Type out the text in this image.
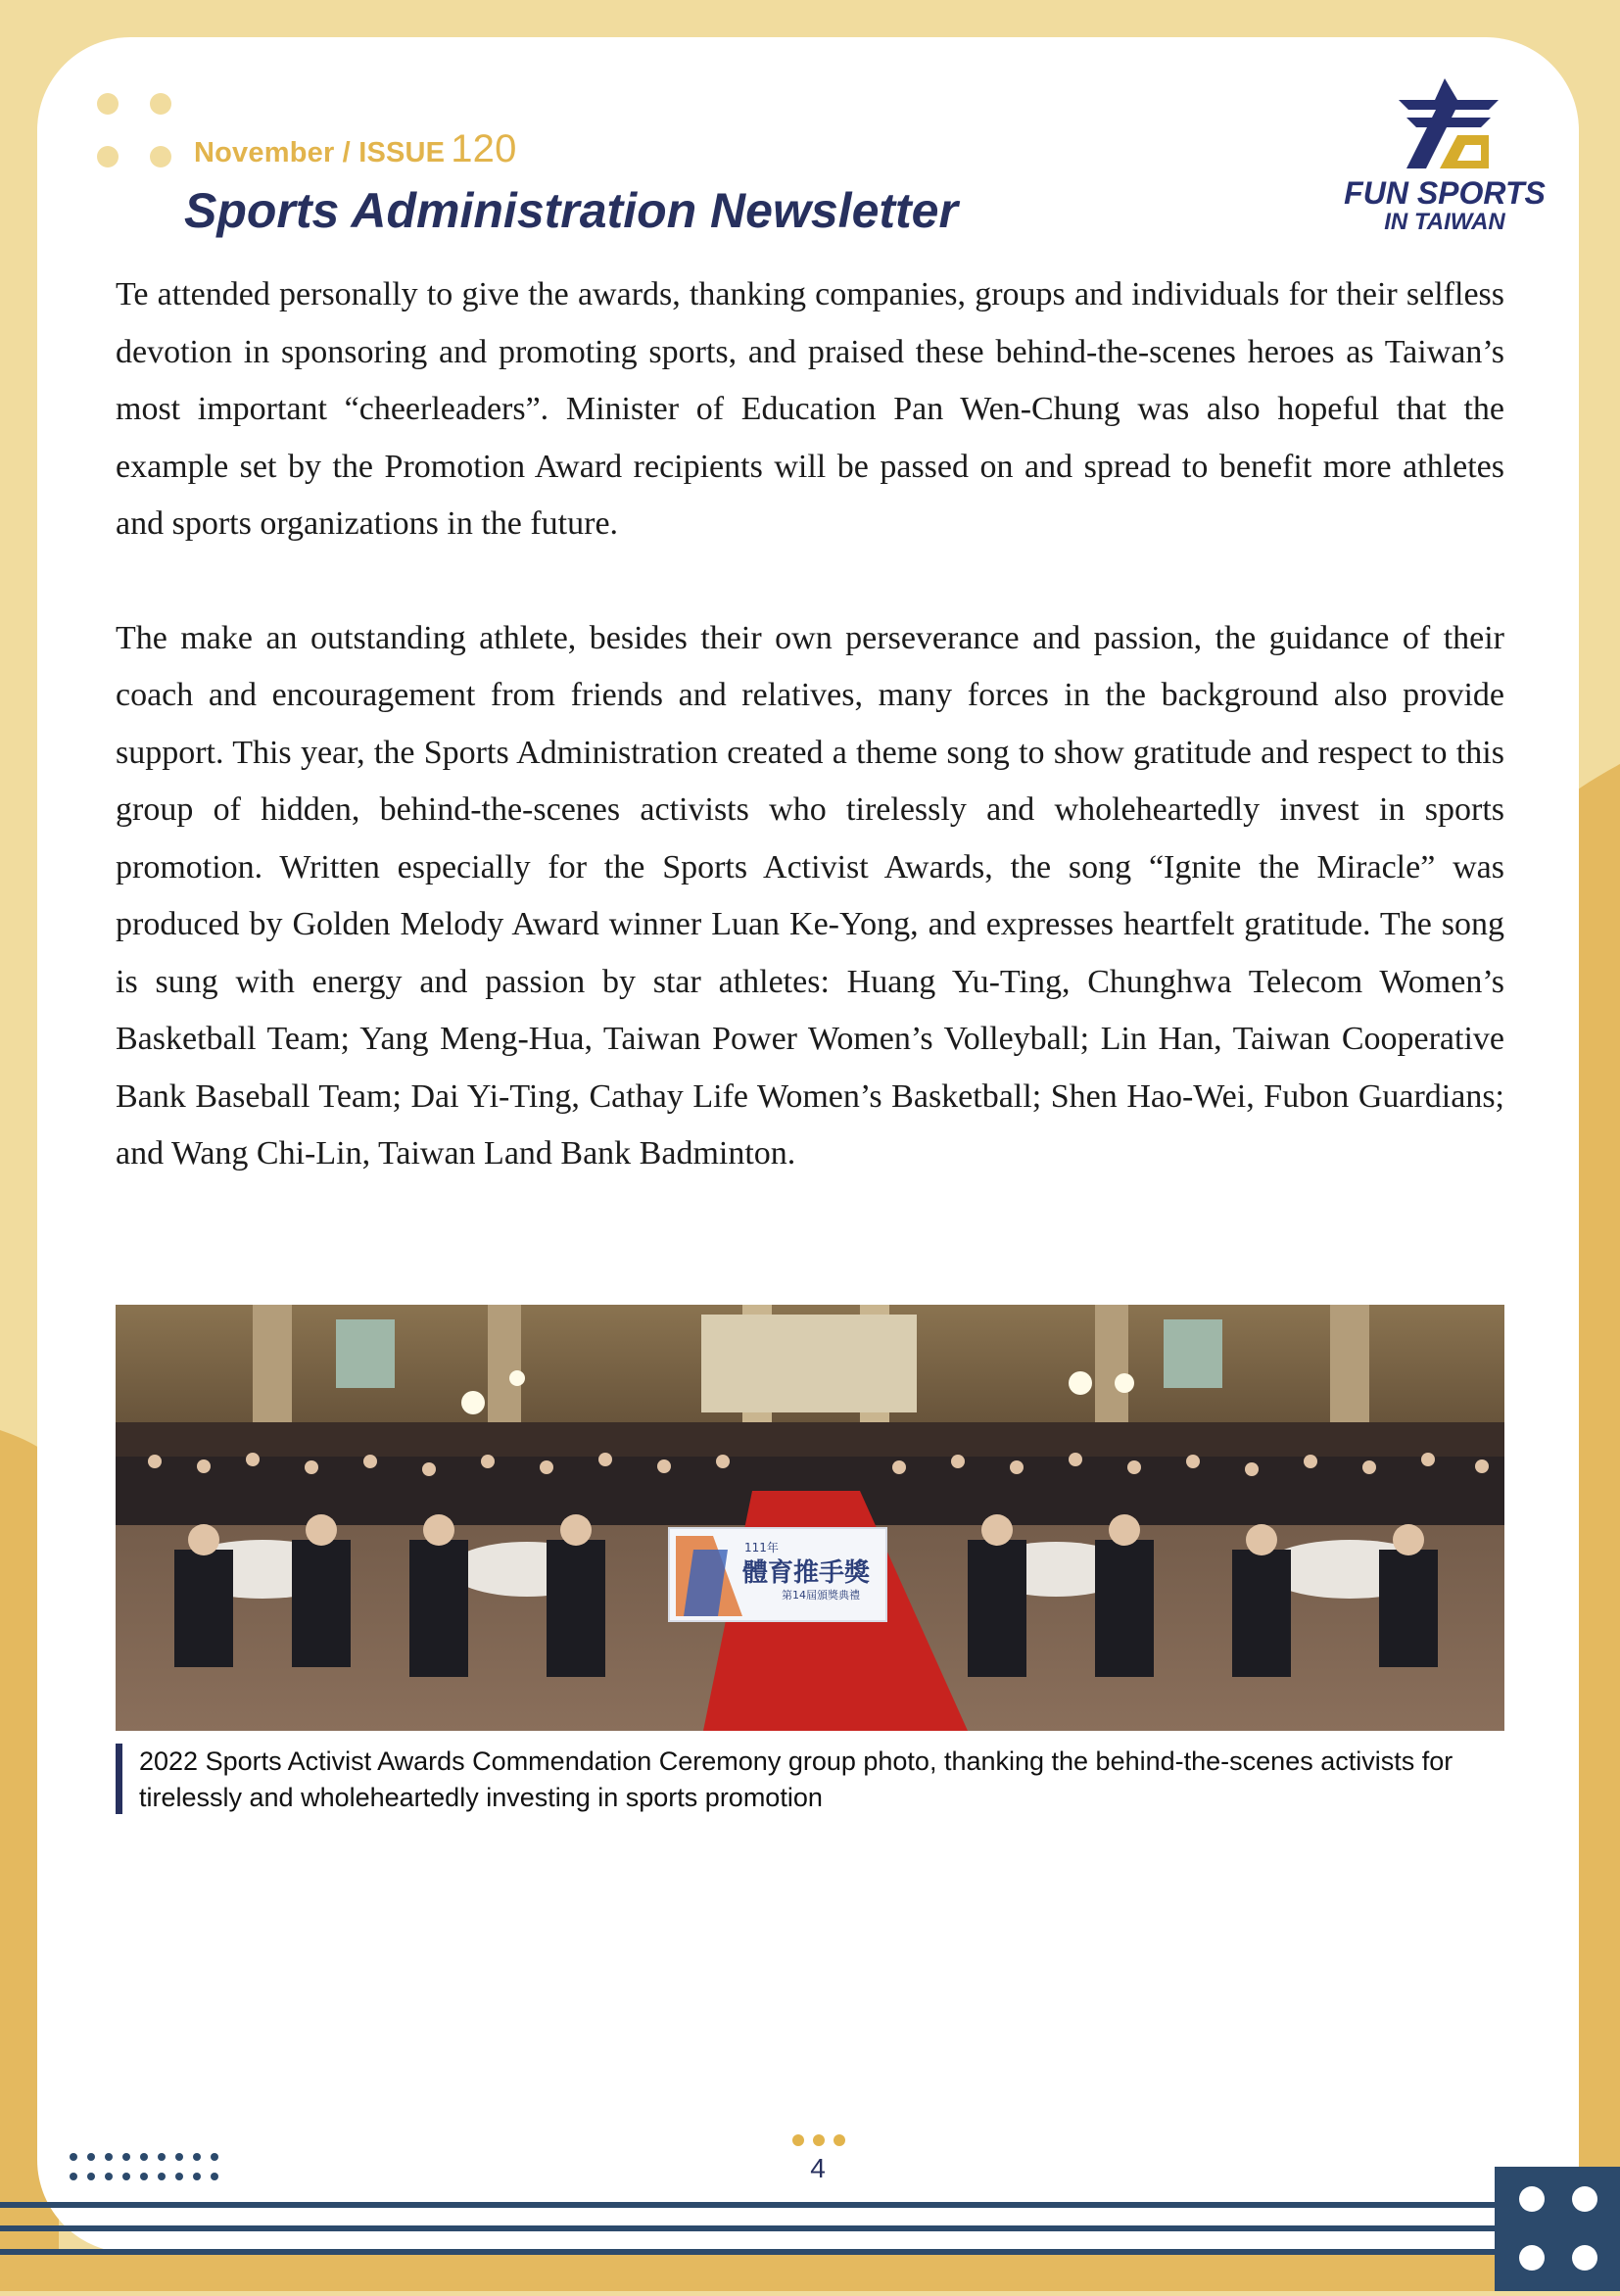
November / ISSUE 120
Sports Administration Newsletter	FUN SPORTS
IN TAIWAN

Te attended personally to give the awards, thanking companies, groups and individuals for their selfless devotion in sponsoring and promoting sports, and praised these behind-the-scenes heroes as Taiwan’s most important “cheerleaders”. Minister of Education Pan Wen-Chung was also hopeful that the example set by the Promotion Award recipients will be passed on and spread to benefit more athletes and sports organizations in the future.

The make an outstanding athlete, besides their own perseverance and passion, the guidance of their coach and encouragement from friends and relatives, many forces in the background also provide support. This year, the Sports Administration created a theme song to show gratitude and respect to this group of hidden, behind-the-scenes activists who tirelessly and wholeheartedly invest in sports promotion. Written especially for the Sports Activist Awards, the song “Ignite the Miracle” was produced by Golden Melody Award winner Luan Ke-Yong, and expresses heartfelt gratitude. The song is sung with energy and passion by star athletes: Huang Yu-Ting, Chunghwa Telecom Women’s Basketball Team; Yang Meng-Hua, Taiwan Power Women’s Volleyball; Lin Han, Taiwan Cooperative Bank Baseball Team; Dai Yi-Ting, Cathay Life Women’s Basketball; Shen Hao-Wei, Fubon Guardians; and Wang Chi-Lin, Taiwan Land Bank Badminton.

111年
體育推手獎
第14屆頒獎典禮
2022 Sports Activist Awards Commendation Ceremony group photo, thanking the behind-the-scenes activists for tirelessly and wholeheartedly investing in sports promotion
4
